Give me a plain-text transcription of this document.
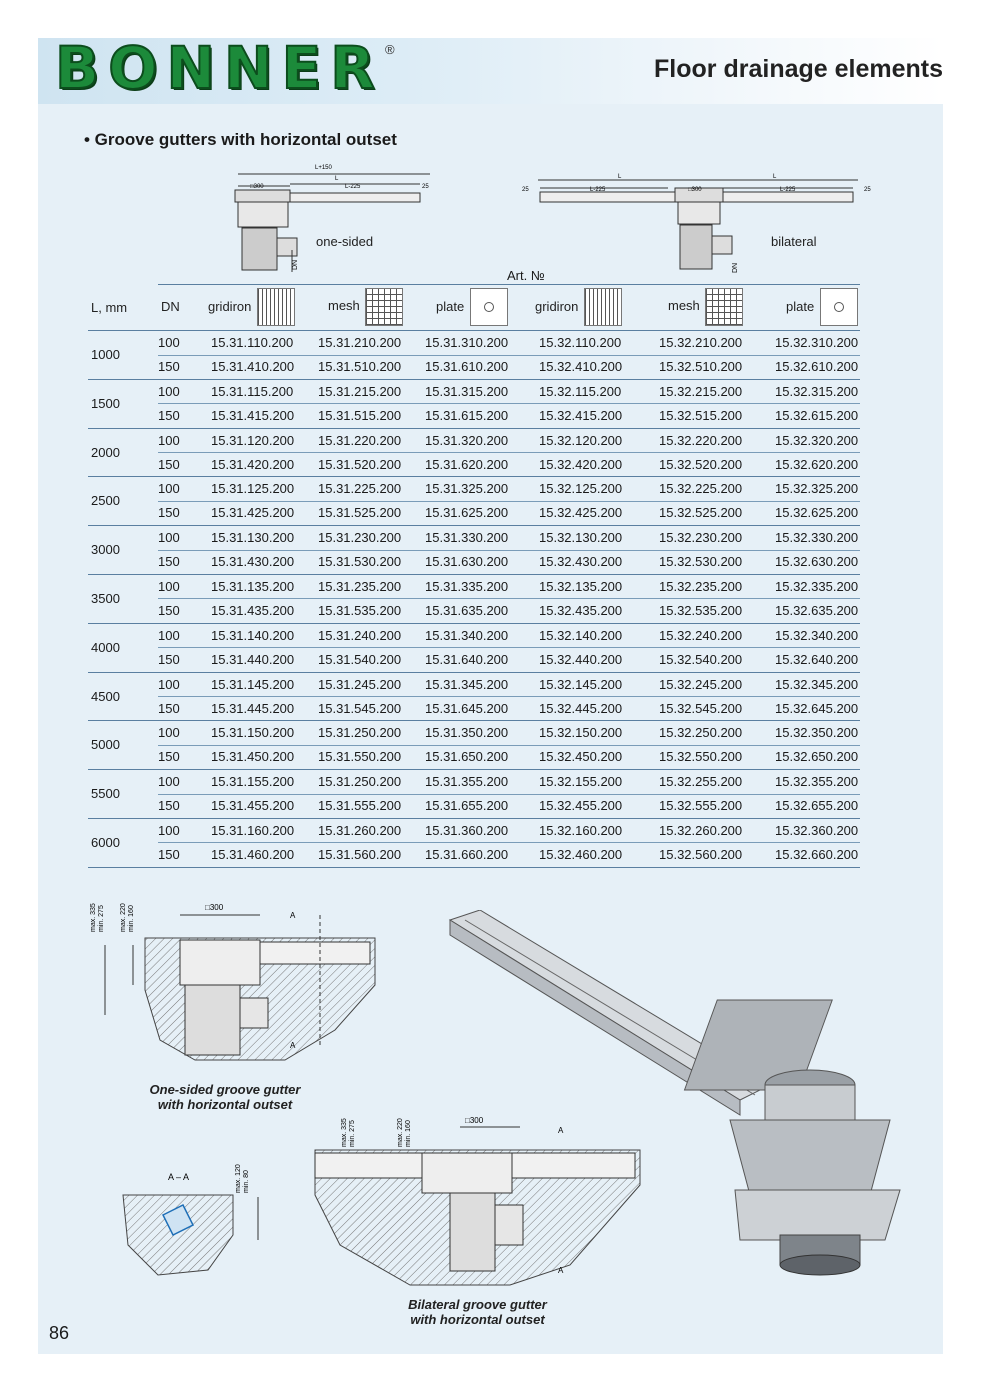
BONNER ®
Floor drainage elements
• Groove gutters with horizontal outset
L+150
L
L-225
□300	25
DN
one-sided
L	L
L-225	L-225
□300
25	25
DN
bilateral
Art. №
L, mm	DN gridiron	mesh	plate	gridiron	mesh	plate
1000
100 15.31.110.200 15.31.210.200 15.31.310.200 15.32.110.200	15.32.210.200	15.32.310.200
150 15.31.410.200 15.31.510.200 15.31.610.200 15.32.410.200	15.32.510.200	15.32.610.200
1500
100 15.31.115.200 15.31.215.200 15.31.315.200 15.32.115.200	15.32.215.200	15.32.315.200
150 15.31.415.200 15.31.515.200 15.31.615.200 15.32.415.200	15.32.515.200	15.32.615.200
2000
100 15.31.120.200 15.31.220.200 15.31.320.200 15.32.120.200	15.32.220.200	15.32.320.200
150 15.31.420.200 15.31.520.200 15.31.620.200 15.32.420.200	15.32.520.200	15.32.620.200
2500
100 15.31.125.200 15.31.225.200 15.31.325.200 15.32.125.200	15.32.225.200	15.32.325.200
150 15.31.425.200 15.31.525.200 15.31.625.200 15.32.425.200	15.32.525.200	15.32.625.200
3000
100 15.31.130.200 15.31.230.200 15.31.330.200 15.32.130.200	15.32.230.200	15.32.330.200
150 15.31.430.200 15.31.530.200 15.31.630.200 15.32.430.200	15.32.530.200	15.32.630.200
3500
100 15.31.135.200 15.31.235.200 15.31.335.200 15.32.135.200	15.32.235.200	15.32.335.200
150 15.31.435.200 15.31.535.200 15.31.635.200 15.32.435.200	15.32.535.200	15.32.635.200
4000
100 15.31.140.200 15.31.240.200 15.31.340.200 15.32.140.200	15.32.240.200	15.32.340.200
150 15.31.440.200 15.31.540.200 15.31.640.200 15.32.440.200	15.32.540.200	15.32.640.200
4500
100 15.31.145.200 15.31.245.200 15.31.345.200 15.32.145.200	15.32.245.200	15.32.345.200
150 15.31.445.200 15.31.545.200 15.31.645.200 15.32.445.200	15.32.545.200	15.32.645.200
5000
100 15.31.150.200 15.31.250.200 15.31.350.200 15.32.150.200	15.32.250.200	15.32.350.200
150 15.31.450.200 15.31.550.200 15.31.650.200 15.32.450.200	15.32.550.200	15.32.650.200
5500
100 15.31.155.200 15.31.250.200 15.31.355.200 15.32.155.200	15.32.255.200	15.32.355.200
150 15.31.455.200 15.31.555.200 15.31.655.200 15.32.455.200	15.32.555.200	15.32.655.200
6000
100 15.31.160.200 15.31.260.200 15.31.360.200 15.32.160.200	15.32.260.200	15.32.360.200
150 15.31.460.200 15.31.560.200 15.31.660.200 15.32.460.200	15.32.560.200	15.32.660.200
□300
A
A
max. 335 min. 275 max. 220 min. 160
One-sided groove gutter with horizontal outset
A – A	max. 120 min. 80
□300
A
A
max. 335 min. 275	max. 220 min. 160
Bilateral groove gutter with horizontal outset
86
